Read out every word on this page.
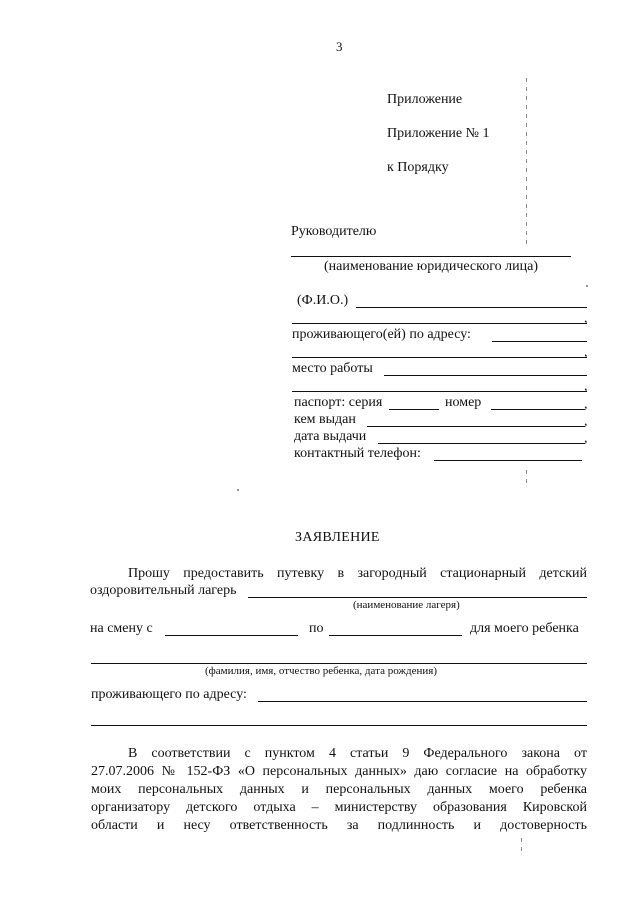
3
Приложение
Приложение № 1
к Порядку
Руководителю
(наименование юридического лица)
(Ф.И.О.)
,
проживающего(ей) по адресу:
,
место работы
,
паспорт: серия	номер	,
кем выдан	,
дата выдачи	,
контактный телефон:
ЗАЯВЛЕНИЕ
Прошу предоставить путевку в загородный стационарный детский
оздоровительный лагерь
(наименование лагеря)
на смену с	по	для моего ребенка
(фамилия, имя, отчество ребенка, дата рождения)
проживающего по адресу:
В соответствии с пунктом 4 статьи 9 Федерального закона от
27.07.2006 № 152-ФЗ «О персональных данных» даю согласие на обработку
моих персональных данных и персональных данных моего ребенка
организатору детского отдыха – министерству образования Кировской
области и несу ответственность за подлинность и достоверность
